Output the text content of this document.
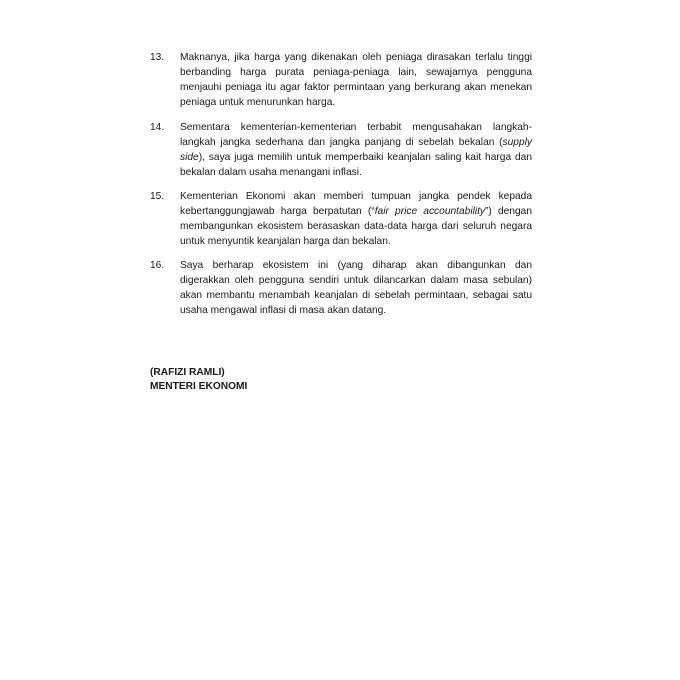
13. Maknanya, jika harga yang dikenakan oleh peniaga dirasakan terlalu tinggi berbanding harga purata peniaga-peniaga lain, sewajarnya pengguna menjauhi peniaga itu agar faktor permintaan yang berkurang akan menekan peniaga untuk menurunkan harga.
14. Sementara kementerian-kementerian terbabit mengusahakan langkah-langkah jangka sederhana dan jangka panjang di sebelah bekalan (supply side), saya juga memilih untuk memperbaiki keanjalan saling kait harga dan bekalan dalam usaha menangani inflasi.
15. Kementerian Ekonomi akan memberi tumpuan jangka pendek kepada kebertanggungjawab harga berpatutan (“fair price accountability”) dengan membangunkan ekosistem berasaskan data-data harga dari seluruh negara untuk menyuntik keanjalan harga dan bekalan.
16. Saya berharap ekosistem ini (yang diharap akan dibangunkan dan digerakkan oleh pengguna sendiri untuk dilancarkan dalam masa sebulan) akan membantu menambah keanjalan di sebelah permintaan, sebagai satu usaha mengawal inflasi di masa akan datang.
(RAFIZI RAMLI)
MENTERI EKONOMI
